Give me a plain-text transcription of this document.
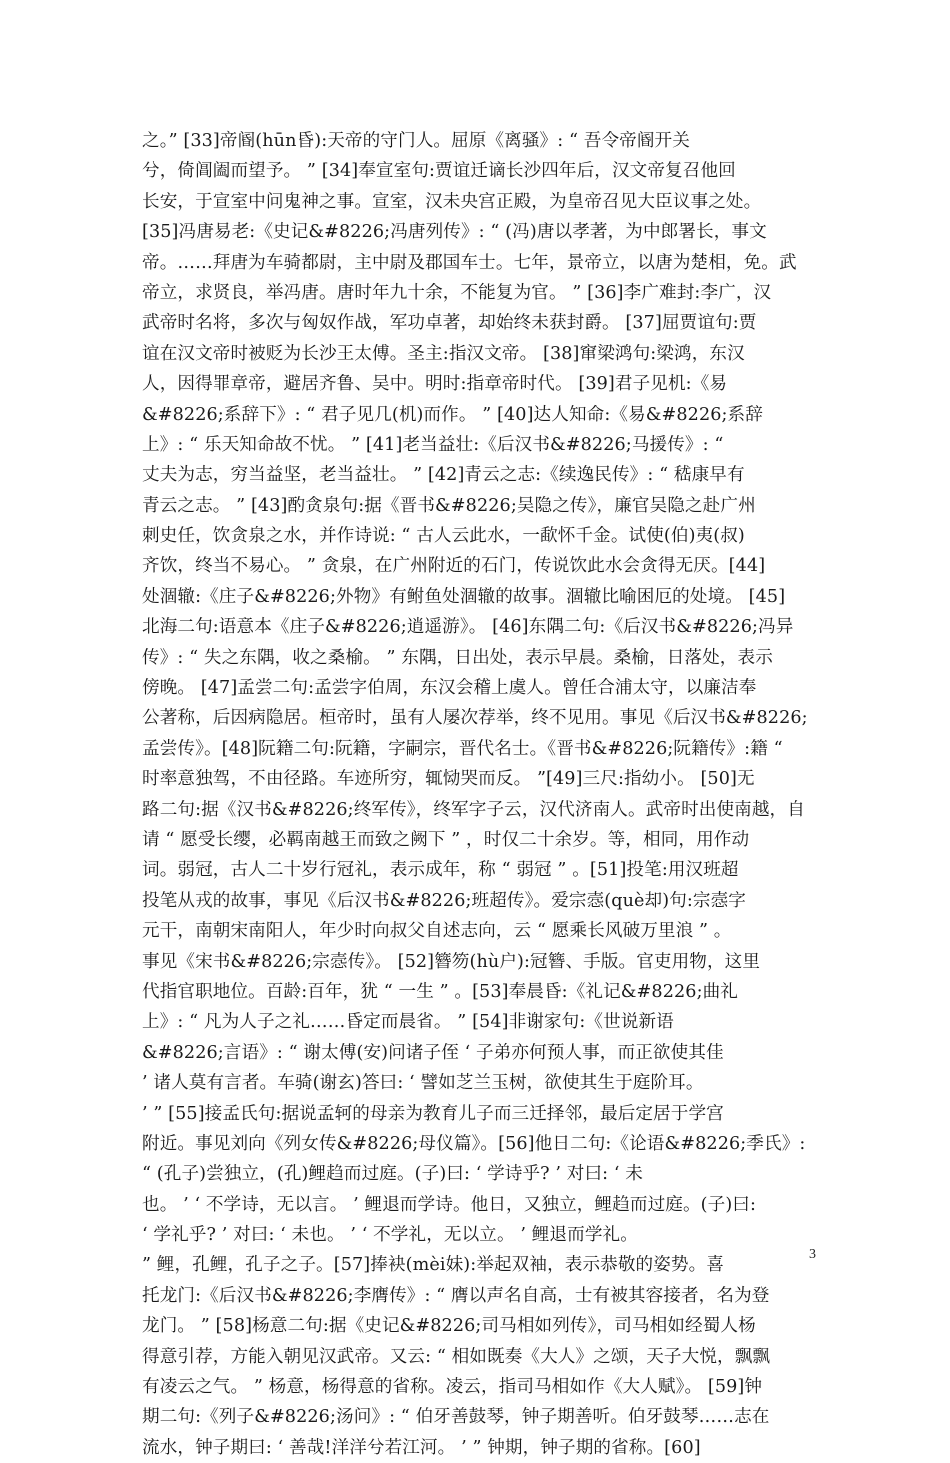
之。” [33]帝阍(hūn昏):天帝的守门人。屈原《离骚》: “ 吾令帝阍开关
兮，倚阊阖而望予。 ” [34]奉宣室句:贾谊迁谪长沙四年后，汉文帝复召他回
长安，于宣室中问鬼神之事。宣室，汉未央宫正殿，为皇帝召见大臣议事之处。
[35]冯唐易老:《史记&#8226;冯唐列传》: “ (冯)唐以孝著，为中郎署长，事文
帝。……拜唐为车骑都尉，主中尉及郡国车士。七年，景帝立，以唐为楚相，免。武
帝立，求贤良，举冯唐。唐时年九十余，不能复为官。 ” [36]李广难封:李广，汉
武帝时名将，多次与匈奴作战，军功卓著，却始终未获封爵。 [37]屈贾谊句:贾
谊在汉文帝时被贬为长沙王太傅。圣主:指汉文帝。 [38]窜梁鸿句:梁鸿，东汉
人，因得罪章帝，避居齐鲁、吴中。明时:指章帝时代。 [39]君子见机:《易
&#8226;系辞下》: “ 君子见几(机)而作。 ” [40]达人知命:《易&#8226;系辞
上》: “ 乐天知命故不忧。 ” [41]老当益壮:《后汉书&#8226;马援传》: “
丈夫为志，穷当益坚，老当益壮。 ” [42]青云之志:《续逸民传》: “ 嵇康早有
青云之志。 ” [43]酌贪泉句:据《晋书&#8226;吴隐之传》，廉官吴隐之赴广州
刺史任，饮贪泉之水，并作诗说: “ 古人云此水，一歃怀千金。试使(伯)夷(叔)
齐饮，终当不易心。 ” 贪泉，在广州附近的石门，传说饮此水会贪得无厌。[44]
处涸辙:《庄子&#8226;外物》有鲋鱼处涸辙的故事。涸辙比喻困厄的处境。 [45]
北海二句:语意本《庄子&#8226;逍遥游》。 [46]东隅二句:《后汉书&#8226;冯异
传》: “ 失之东隅，收之桑榆。 ” 东隅，日出处，表示早晨。桑榆，日落处，表示
傍晚。 [47]孟尝二句:孟尝字伯周，东汉会稽上虞人。曾任合浦太守，以廉洁奉
公著称，后因病隐居。桓帝时，虽有人屡次荐举，终不见用。事见《后汉书&#8226;
孟尝传》。[48]阮籍二句:阮籍，字嗣宗，晋代名士。《晋书&#8226;阮籍传》:籍 “
时率意独驾，不由径路。车迹所穷，辄恸哭而反。 ”[49]三尺:指幼小。 [50]无
路二句:据《汉书&#8226;终军传》，终军字子云，汉代济南人。武帝时出使南越，自
请 “ 愿受长缨，必羁南越王而致之阙下 ” ，时仅二十余岁。等，相同，用作动
词。弱冠，古人二十岁行冠礼，表示成年，称 “ 弱冠 ” 。[51]投笔:用汉班超
投笔从戎的故事，事见《后汉书&#8226;班超传》。爱宗悫(què却)句:宗悫字
元干，南朝宋南阳人，年少时向叔父自述志向，云 “ 愿乘长风破万里浪 ” 。
事见《宋书&#8226;宗悫传》。 [52]簪笏(hù户):冠簪、手版。官吏用物，这里
代指官职地位。百龄:百年，犹 “ 一生 ” 。[53]奉晨昏:《礼记&#8226;曲礼
上》: “ 凡为人子之礼……昏定而晨省。 ” [54]非谢家句:《世说新语
&#8226;言语》: “ 谢太傅(安)问诸子侄 ‘ 子弟亦何预人事，而正欲使其佳
’ 诸人莫有言者。车骑(谢玄)答曰: ‘ 譬如芝兰玉树，欲使其生于庭阶耳。
’ ” [55]接孟氏句:据说孟轲的母亲为教育儿子而三迁择邻，最后定居于学宫
附近。事见刘向《列女传&#8226;母仪篇》。[56]他日二句:《论语&#8226;季氏》:
“ (孔子)尝独立，(孔)鲤趋而过庭。(子)曰: ‘ 学诗乎? ’ 对曰: ‘ 未
也。 ’ ‘ 不学诗，无以言。 ’ 鲤退而学诗。他日，又独立，鲤趋而过庭。(子)曰:
‘ 学礼乎? ’ 对曰: ‘ 未也。 ’ ‘ 不学礼，无以立。 ’ 鲤退而学礼。
” 鲤，孔鲤，孔子之子。[57]捧袂(mèi妹):举起双袖，表示恭敬的姿势。喜
托龙门:《后汉书&#8226;李膺传》: “ 膺以声名自高，士有被其容接者，名为登
龙门。 ” [58]杨意二句:据《史记&#8226;司马相如列传》，司马相如经蜀人杨
得意引荐，方能入朝见汉武帝。又云: “ 相如既奏《大人》之颂，天子大悦，飘飘
有凌云之气。 ” 杨意，杨得意的省称。凌云，指司马相如作《大人赋》。 [59]钟
期二句:《列子&#8226;汤问》: “ 伯牙善鼓琴，钟子期善听。伯牙鼓琴……志在
流水，钟子期曰: ‘ 善哉!洋洋兮若江河。 ’ ” 钟期，钟子期的省称。[60]
3
